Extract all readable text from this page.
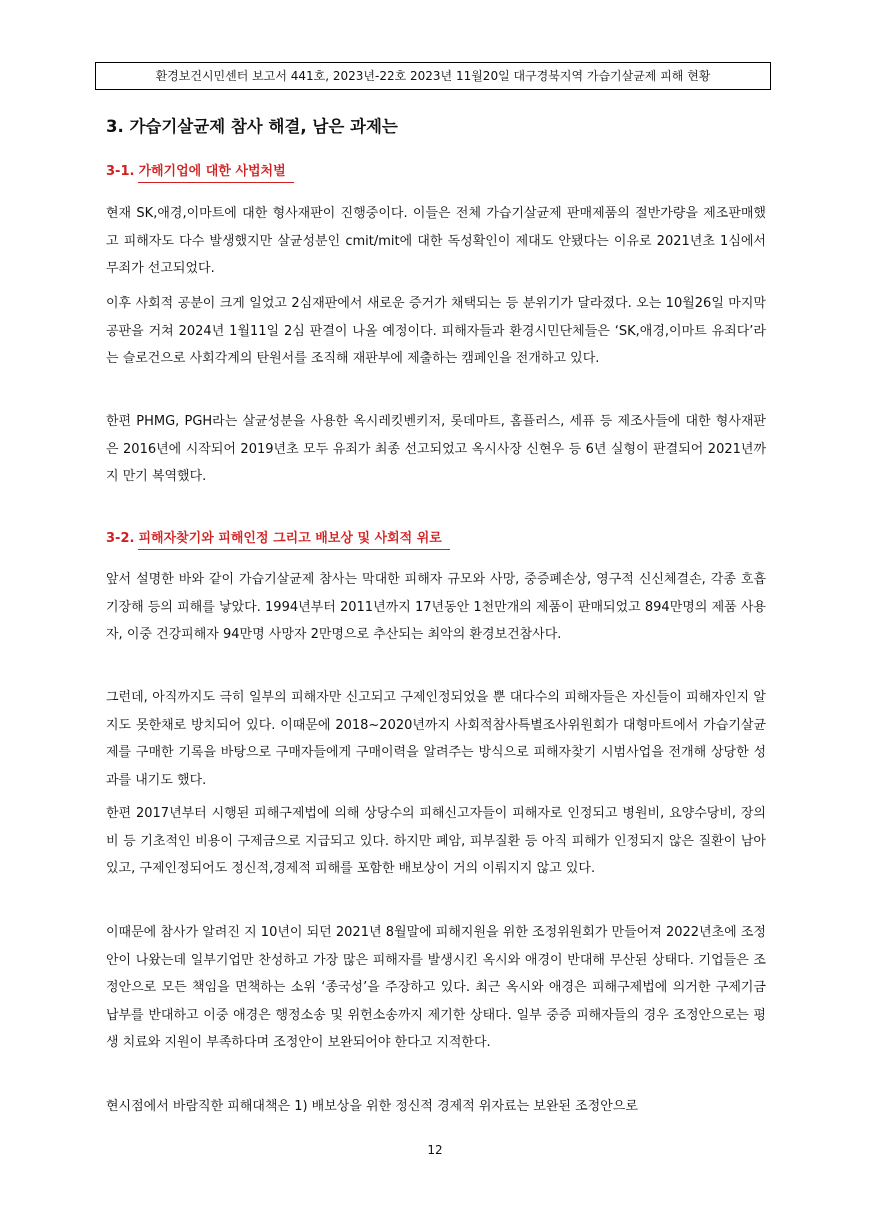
환경보건시민센터 보고서 441호, 2023년-22호 2023년 11월20일 대구경북지역 가습기살균제 피해 현황
3. 가습기살균제 참사 해결, 남은 과제는
3-1. 가해기업에 대한 사법처벌
현재 SK,애경,이마트에 대한 형사재판이 진행중이다. 이들은 전체 가습기살균제 판매제품의 절반가량을 제조판매했고 피해자도 다수 발생했지만 살균성분인 cmit/mit에 대한 독성확인이 제대도 안됐다는 이유로 2021년초 1심에서 무죄가 선고되었다.
이후 사회적 공분이 크게 일었고 2심재판에서 새로운 증거가 채택되는 등 분위기가 달라졌다. 오는 10월26일 마지막 공판을 거쳐 2024년 1월11일 2심 판결이 나올 예정이다. 피해자들과 환경시민단체들은 ‘SK,애경,이마트 유죄다’라는 슬로건으로 사회각계의 탄원서를 조직해 재판부에 제출하는 캠페인을 전개하고 있다.
한편 PHMG, PGH라는 살균성분을 사용한 옥시레킷벤키저, 롯데마트, 홈플러스, 세퓨 등 제조사들에 대한 형사재판은 2016년에 시작되어 2019년초 모두 유죄가 최종 선고되었고 옥시사장 신현우 등 6년 실형이 판결되어 2021년까지 만기 복역했다.
3-2. 피해자찾기와 피해인정 그리고 배보상 및 사회적 위로
앞서 설명한 바와 같이 가습기살균제 참사는 막대한 피해자 규모와 사망, 중증폐손상, 영구적 신신체결손, 각종 호흡기장해 등의 피해를 낳았다. 1994년부터 2011년까지 17년동안 1천만개의 제품이 판매되었고 894만명의 제품 사용자, 이중 건강피해자 94만명 사망자 2만명으로 추산되는 최악의 환경보건참사다.
그런데, 아직까지도 극히 일부의 피해자만 신고되고 구제인정되었을 뿐 대다수의 피해자들은 자신들이 피해자인지 알지도 못한채로 방치되어 있다. 이때문에 2018~2020년까지 사회적참사특별조사위원회가 대형마트에서 가습기살균제를 구매한 기록을 바탕으로 구매자들에게 구매이력을 알려주는 방식으로 피해자찾기 시범사업을 전개해 상당한 성과를 내기도 했다.
한편 2017년부터 시행된 피해구제법에 의해 상당수의 피해신고자들이 피해자로 인정되고 병원비, 요양수당비, 장의비 등 기초적인 비용이 구제금으로 지급되고 있다. 하지만 폐암, 피부질환 등 아직 피해가 인정되지 않은 질환이 남아있고, 구제인정되어도 정신적,경제적 피해를 포함한 배보상이 거의 이뤄지지 않고 있다.
이때문에 참사가 알려진 지 10년이 되던 2021년 8월말에 피해지원을 위한 조정위원회가 만들어져 2022년초에 조정안이 나왔는데 일부기업만 찬성하고 가장 많은 피해자를 발생시킨 옥시와 애경이 반대해 무산된 상태다. 기업들은 조정안으로 모든 책임을 면책하는 소위 ‘종국성’을 주장하고 있다. 최근 옥시와 애경은 피해구제법에 의거한 구제기금 납부를 반대하고 이중 애경은 행정소송 및 위헌소송까지 제기한 상태다. 일부 중증 피해자들의 경우 조정안으로는 평생 치료와 지원이 부족하다며 조정안이 보완되어야 한다고 지적한다.
현시점에서 바람직한 피해대책은 1) 배보상을 위한 정신적 경제적 위자료는 보완된 조정안으로
12
